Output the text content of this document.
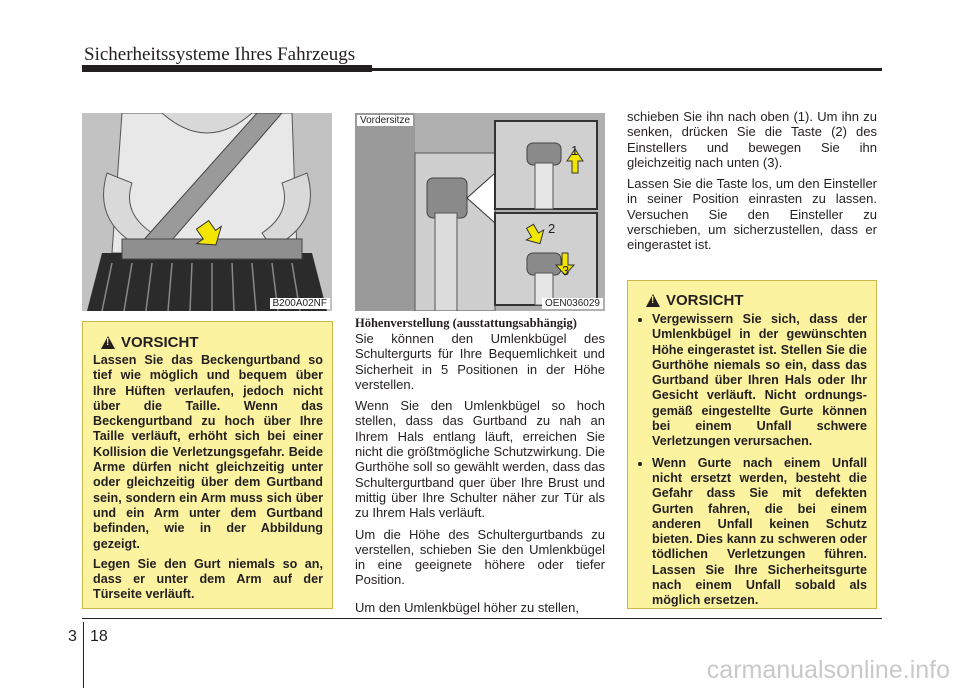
Sicherheitssysteme Ihres Fahrzeugs
B200A02NF
Vordersitze
1
2
3
OEN036029
!
VORSICHT

Lassen Sie das Beckengurtband so tief wie möglich und bequem über Ihre Hüften verlaufen, jedoch nicht über die Taille. Wenn das Beckengurtband zu hoch über Ihre Taille verläuft, erhöht sich bei einer Kollision die Verletzungsgefahr. Beide Arme dürfen nicht gleichzeitig unter oder gleichzeitig über dem Gurtband sein, sondern ein Arm muss sich über und ein Arm unter dem Gurtband befinden, wie in der Abbildung gezeigt.

Legen Sie den Gurt niemals so an, dass er unter dem Arm auf der Türseite verläuft.

Höhenverstellung (ausstattungsabhängig)

Sie können den Umlenkbügel des Schultergurts für Ihre Bequemlichkeit und Sicherheit in 5 Positionen in der Höhe verstellen.

Wenn Sie den Umlenkbügel so hoch stellen, dass das Gurtband zu nah an Ihrem Hals entlang läuft, erreichen Sie nicht die größtmögliche Schutzwirkung. Die Gurthöhe soll so gewählt werden, dass das Schultergurtband quer über Ihre Brust und mittig über Ihre Schulter näher zur Tür als zu Ihrem Hals verläuft.

Um die Höhe des Schultergurtbands zu verstellen, schieben Sie den Umlenkbügel in eine geeignete höhere oder tiefer Position.

Um den Umlenkbügel höher zu stellen,

schieben Sie ihn nach oben (1). Um ihn zu senken, drücken Sie die Taste (2) des Einstellers und bewegen Sie ihn gleichzeitig nach unten (3).

Lassen Sie die Taste los, um den Einsteller in seiner Position einrasten zu lassen. Versuchen Sie den Einsteller zu verschieben, um sicherzustellen, dass er eingerastet ist.

!
VORSICHT
• Vergewissern Sie sich, dass der Umlenkbügel in der gewünschten Höhe eingerastet ist. Stellen Sie die Gurthöhe niemals so ein, dass das Gurtband über Ihren Hals oder Ihr Gesicht verläuft. Nicht ordnungs-gemäß eingestellte Gurte können bei einem Unfall schwere Verletzungen verursachen.
• Wenn Gurte nach einem Unfall nicht ersetzt werden, besteht die Gefahr dass Sie mit defekten Gurten fahren, die bei einem anderen Unfall keinen Schutz bieten. Dies kann zu schweren oder tödlichen Verletzungen führen. Lassen Sie Ihre Sicherheitsgurte nach einem Unfall sobald als möglich ersetzen.
3 18
carmanualsonline.info
